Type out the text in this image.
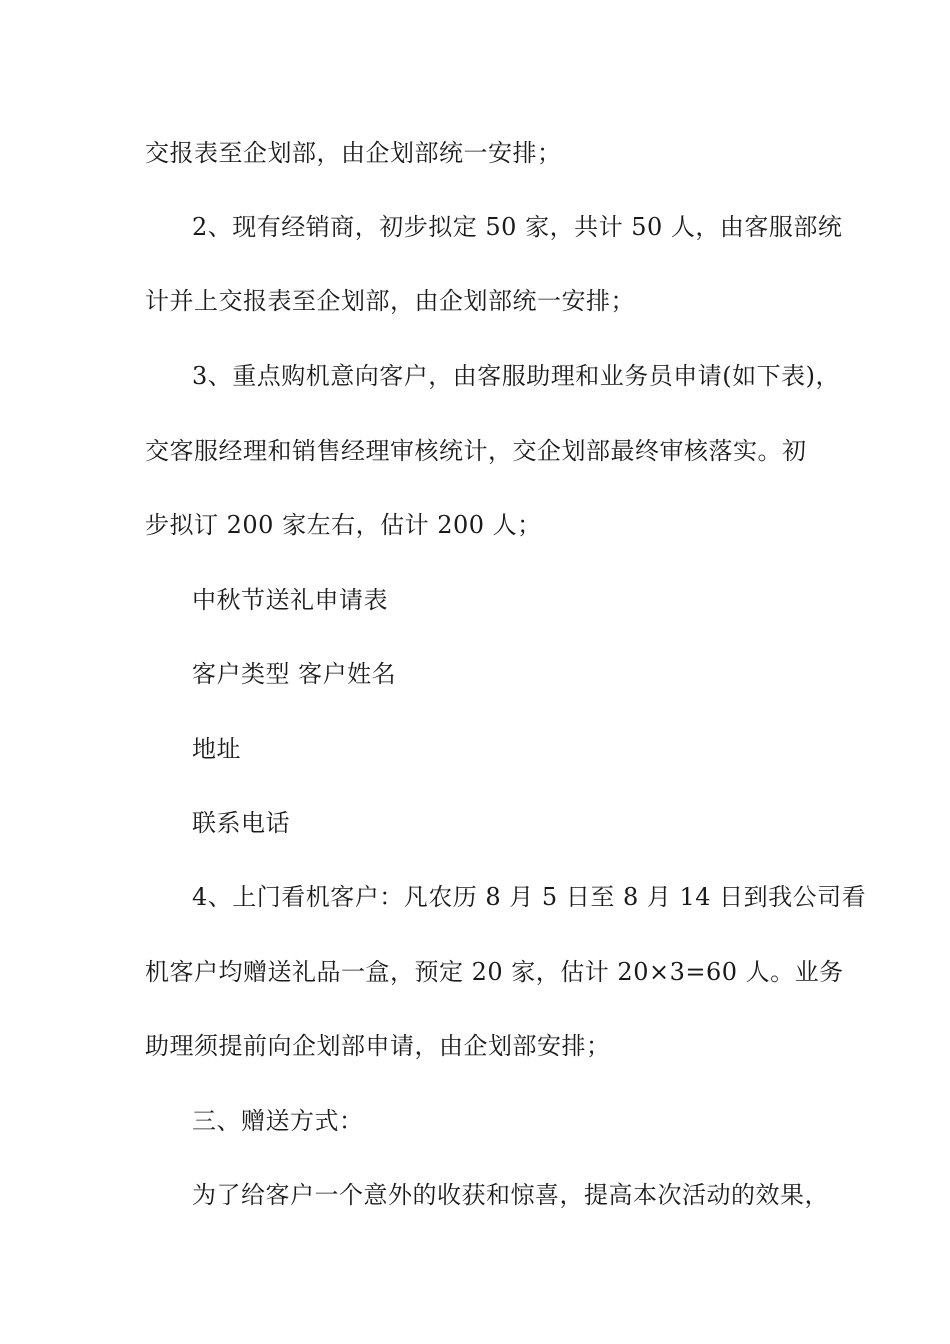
交报表至企划部，由企划部统一安排；
2、现有经销商，初步拟定 50 家，共计 50 人，由客服部统
计并上交报表至企划部，由企划部统一安排；
3、重点购机意向客户，由客服助理和业务员申请(如下表)，
交客服经理和销售经理审核统计，交企划部最终审核落实。初
步拟订 200 家左右，估计 200 人；
中秋节送礼申请表
客户类型 客户姓名
地址
联系电话
4、上门看机客户：凡农历 8 月 5 日至 8 月 14 日到我公司看
机客户均赠送礼品一盒，预定 20 家，估计 20×3=60 人。业务
助理须提前向企划部申请，由企划部安排；
三、赠送方式：
为了给客户一个意外的收获和惊喜，提高本次活动的效果，
